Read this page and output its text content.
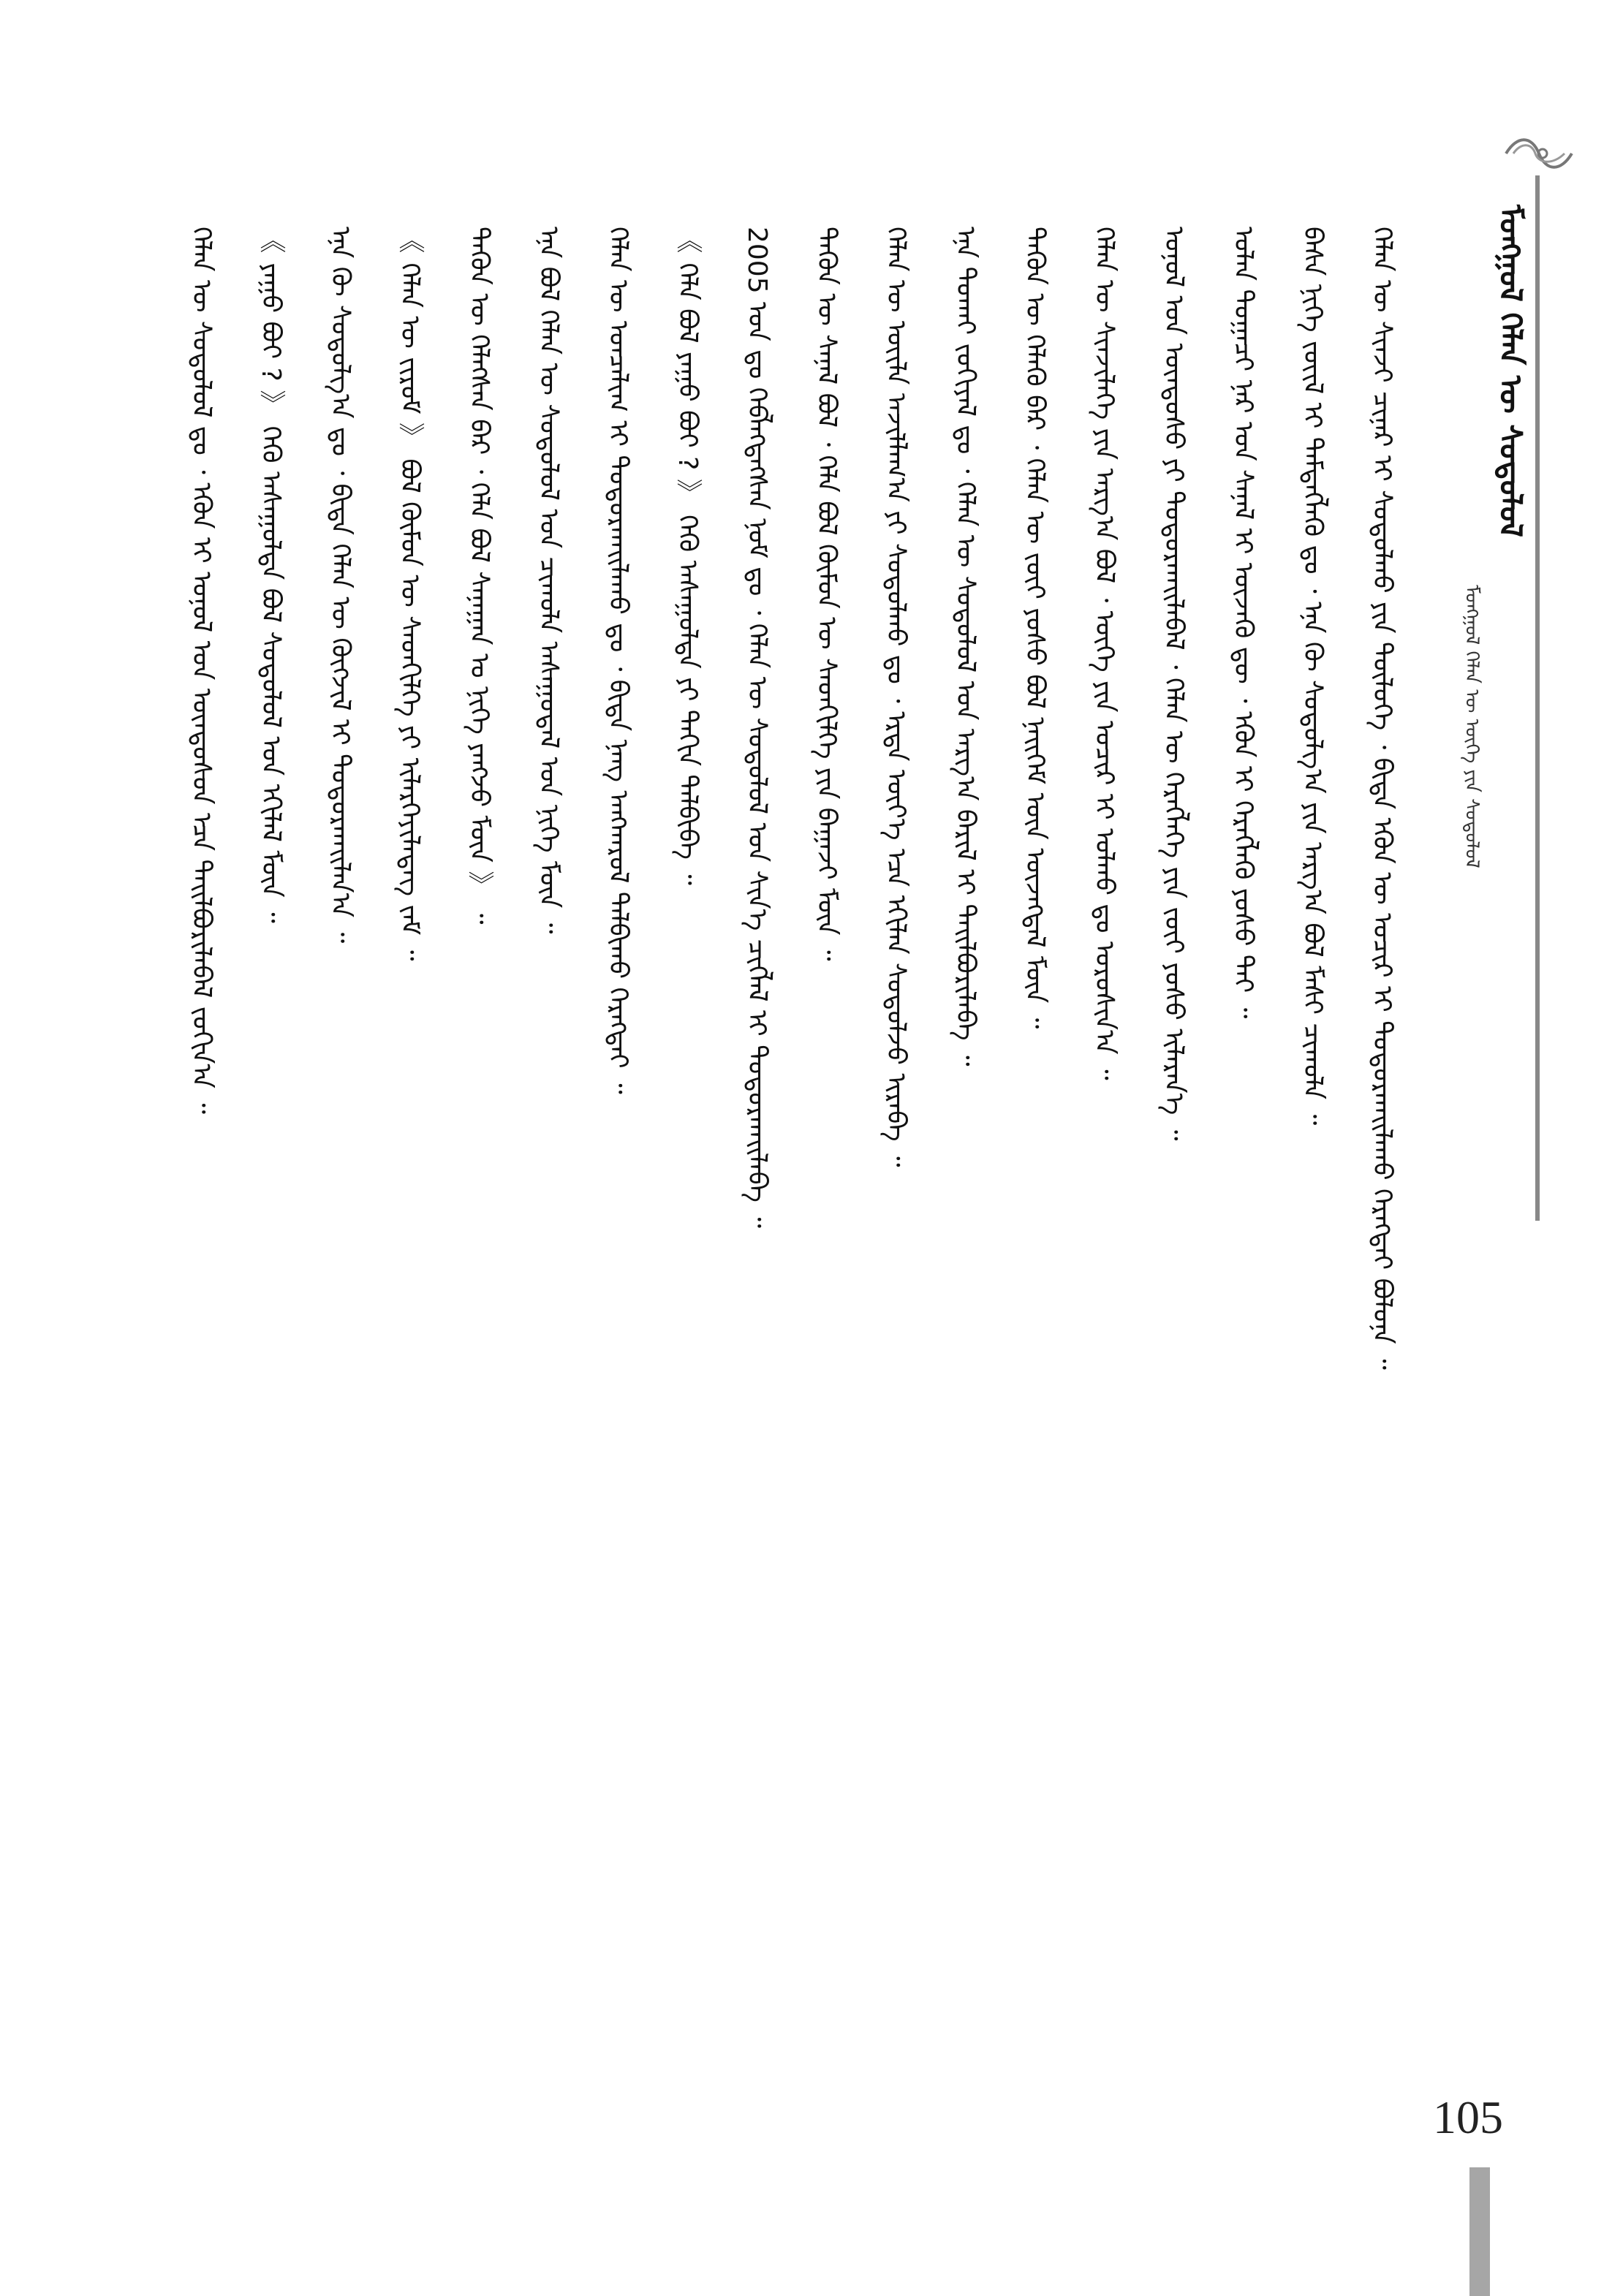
ᠮᠣᠩᠭᠣᠯ ᠬᠡᠯᠡᠨ ᠦ ᠰᠤᠳᠤᠯᠤᠯ
ᠮᠣᠩᠭᠣᠯ ᠬᠡᠯᠡᠨ ᠦ ᠦᠭᠡ ᠶᠢᠨ ᠰᠤᠳᠤᠯᠤᠯ
ᠬᠡᠯᠡᠨ ᠦ ᠰᠢᠨᠵᠢ ᠴᠢᠨᠠᠷ ᠢ ᠰᠤᠳᠤᠯᠬᠤ ᠶᠢᠨ ᠲᠥᠯᠥᠭᠡ ᠂ ᠪᠢᠳᠡ ᠡᠭᠦᠨ ᠦ ᠤᠴᠢᠷ ᠢ ᠲᠣᠳᠣᠷᠬᠠᠢᠯᠠᠬᠤ ᠬᠡᠷᠡᠭᠲᠡᠢ ᠪᠣᠯᠤᠨᠠ ᠃
ᠪᠠᠰᠠ ᠨᠢᠭᠡ ᠵᠦᠢᠯ ᠢ ᠲᠡᠮᠳᠡᠭᠯᠡᠬᠦ ᠳᠤ ᠂ ᠡᠨᠡ ᠬᠦ ᠰᠤᠳᠤᠯᠭ᠎ᠠ ᠶᠢᠨ ᠠᠷᠭ᠎ᠠ ᠪᠣᠯ ᠮᠠᠰᠢ ᠴᠢᠬᠤᠯᠠ ᠃
ᠣᠯᠠᠨ ᠲᠣᠭᠠᠴᠢ ᠨᠠᠷ ᠤᠨ ᠰᠠᠨᠠᠯ ᠢ ᠦᠵᠡᠬᠦ ᠳᠦ ᠂ ᠡᠭᠦᠨ ᠢ ᠬᠡᠷᠡᠭᠯᠡᠬᠦ ᠶᠣᠰᠣ ᠲᠠᠢ ᠃
ᠣᠨᠣᠯ ᠤᠨ ᠦᠨᠳᠦᠰᠦ ᠶᠢ ᠲᠣᠳᠣᠷᠬᠠᠢᠯᠠᠪᠠᠯ ᠂ ᠬᠡᠯᠡᠨ ᠦ ᠬᠡᠷᠡᠭᠯᠡᠭᠡ ᠶᠢᠨ ᠵᠦᠢ ᠶᠣᠰᠣ ᠢᠯᠡᠷᠡᠨ᠎ᠡ ᠃
ᠬᠡᠯᠡᠨ ᠦ ᠰᠢᠨᠵᠢᠯᠡᠭᠡ ᠶᠢᠨ ᠠᠷᠭ᠎ᠠ ᠪᠣᠯ ᠂ ᠦᠭᠡ ᠶᠢᠨ ᠤᠴᠢᠷ ᠢ ᠣᠯᠬᠤ ᠳᠤ ᠣᠷᠣᠰᠢᠨ᠎ᠠ ᠃
ᠲᠡᠭᠦᠨ ᠦ ᠬᠡᠯᠡᠬᠦ ᠪᠡᠷ ᠂ ᠬᠡᠯᠡᠨ ᠦ ᠵᠦᠢ ᠶᠣᠰᠣ ᠪᠣᠯ ᠨᠡᠢᠭᠡᠮ ᠦᠨ ᠦᠵᠡᠭᠳᠡᠯ ᠮᠥᠨ ᠃
ᠡᠨᠡ ᠲᠤᠬᠠᠢ ᠵᠣᠬᠢᠶᠠᠯ ᠳᠤ ᠂ ᠬᠡᠯᠡᠨ ᠦ ᠰᠤᠳᠤᠯᠤᠯ ᠤᠨ ᠠᠷᠭ᠎ᠠ ᠪᠠᠷᠢᠯ ᠢ ᠲᠠᠢᠯᠪᠤᠷᠢᠯᠠᠪᠠ ᠃
ᠬᠡᠯᠡᠨ ᠦ ᠦᠢᠯᠡ ᠠᠵᠢᠯᠯᠠᠭ᠎ᠠ ᠶᠢ ᠰᠤᠳᠤᠯᠬᠤ ᠳᠤ ᠂ ᠡᠷᠲᠡ ᠦᠶ᠎ᠡ ᠡᠴᠡ ᠡᠬᠢᠯᠡᠨ ᠰᠤᠳᠤᠯᠵᠤ ᠢᠷᠡᠪᠡ ᠃
ᠲᠡᠭᠦᠨ ᠦ ᠰᠠᠨᠠᠯ ᠪᠣᠯ ᠂ ᠬᠡᠯᠡ ᠪᠣᠯ ᠬᠥᠮᠦᠨ ᠦ ᠰᠡᠳᠬᠢᠯᠭᠡ ᠶᠢᠨ ᠪᠠᠭᠠᠵᠢ ᠮᠥᠨ ᠃
2005 ᠣᠨ ᠳᠤ ᠬᠡᠪᠯᠡᠭᠳᠡᠭᠰᠡᠨ ᠨᠣᠮ ᠳᠤ ᠂ ᠬᠡᠯᠡᠨ ᠦ ᠰᠤᠳᠤᠯᠤᠯ ᠤᠨ ᠰᠢᠨ᠎ᠡ ᠴᠢᠭᠯᠡᠯ ᠢ ᠲᠣᠳᠣᠷᠬᠠᠢᠯᠠᠪᠠ ᠃
《 ᠬᠡᠯᠡ ᠪᠣᠯ ᠶᠠᠭᠤ ᠪᠣᠢ ? 》 ᠭᠡᠬᠦ ᠠᠰᠠᠭᠤᠯᠲᠠ ᠶᠢ ᠳᠠᠬᠢᠨ ᠲᠠᠯᠪᠢᠪᠠ ᠃
ᠬᠡᠯᠡᠨ ᠦ ᠣᠨᠴᠠᠯᠢᠭ ᠢ ᠲᠣᠳᠣᠷᠬᠠᠢᠯᠠᠬᠤ ᠳᠤ ᠂ ᠪᠢᠳᠡ ᠨᠡᠩ ᠠᠩᠬᠠᠷᠤᠯ ᠲᠠᠯᠪᠢᠬᠤ ᠬᠡᠷᠡᠭᠲᠡᠢ ᠃
ᠡᠨᠡ ᠪᠣᠯ ᠬᠡᠯᠡᠨ ᠦ ᠰᠤᠳᠤᠯᠤᠯ ᠤᠨ ᠴᠢᠬᠤᠯᠠ ᠠᠰᠠᠭᠤᠳᠠᠯ ᠤᠨ ᠨᠢᠭᠡ ᠮᠥᠨ ᠃
ᠲᠡᠭᠦᠨ ᠦ ᠬᠡᠯᠡᠭᠰᠡᠨ ᠪᠡᠷ ᠂ ᠬᠡᠯᠡ ᠪᠣᠯ ᠰᠠᠨᠠᠭᠠᠨ ᠤ ᠨᠢᠭᠡ ᠶᠠᠩᠵᠤ ᠮᠥᠨ 》 ᠃
《 ᠬᠡᠯᠡᠨ ᠦ ᠵᠢᠷᠤᠮ 》 ᠪᠣᠯ ᠬᠥᠮᠦᠨ ᠦ ᠰᠡᠳᠬᠢᠯᠭᠡ ᠶᠢ ᠢᠯᠡᠷᠬᠡᠶᠢᠯᠡᠳᠡᠭ ᠵᠠᠮ ᠃
ᠡᠨᠡ ᠬᠦ ᠰᠤᠳᠤᠯᠭ᠎ᠠ ᠳᠤ ᠂ ᠪᠢᠳᠡ ᠬᠡᠯᠡᠨ ᠦ ᠬᠥᠭᠵᠢᠯ ᠢ ᠲᠣᠳᠣᠷᠬᠠᠢᠯᠠᠨ᠎ᠠ ᠃
《 ᠶᠠᠭᠤ ᠪᠣᠢ ? 》 ᠭᠡᠬᠦ ᠠᠰᠠᠭᠤᠯᠲᠠ ᠪᠣᠯ ᠰᠤᠳᠤᠯᠤᠯ ᠤᠨ ᠡᠬᠢᠯᠡᠯ ᠮᠥᠨ ᠃
ᠬᠡᠯᠡᠨ ᠦ ᠰᠤᠳᠤᠯᠤᠯ ᠳᠤ ᠂ ᠡᠭᠦᠨ ᠢ ᠣᠨᠣᠯ ᠤᠨ ᠦᠨᠳᠦᠰᠦᠨ ᠡᠴᠡ ᠲᠠᠢᠯᠪᠤᠷᠢᠯᠠᠪᠠᠯ ᠵᠣᠬᠢᠨ᠎ᠠ ᠃
105
